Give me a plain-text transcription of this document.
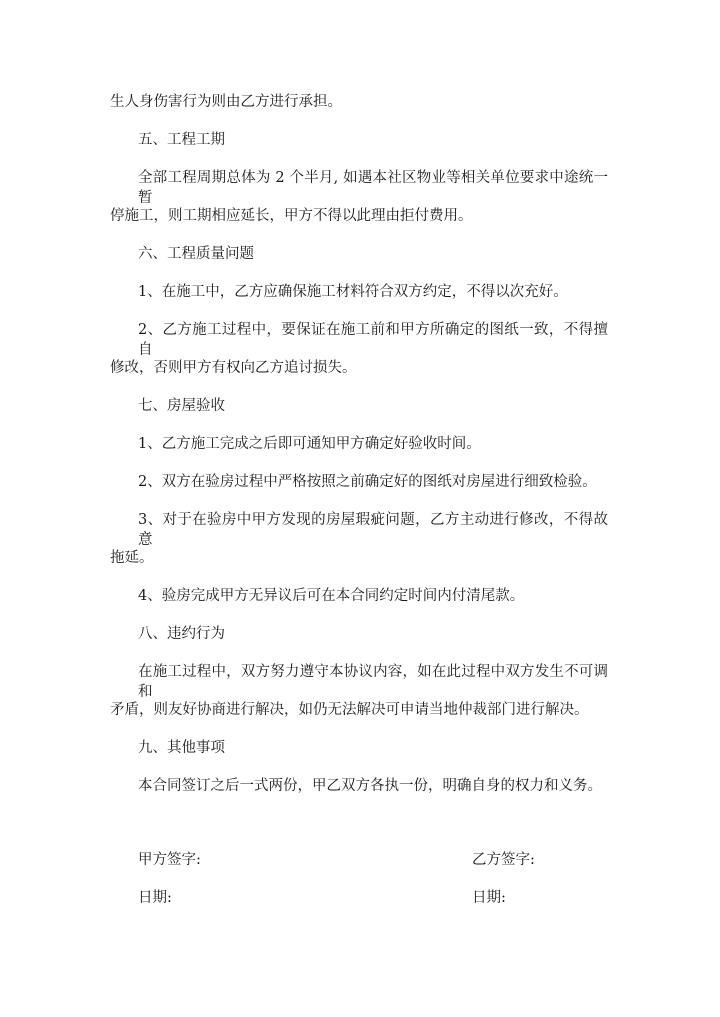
生人身伤害行为则由乙方进行承担。
五、工程工期
全部工程周期总体为 2 个半月, 如遇本社区物业等相关单位要求中途统一暂
停施工，则工期相应延长，甲方不得以此理由拒付费用。
六、工程质量问题
1、在施工中，乙方应确保施工材料符合双方约定，不得以次充好。
2、乙方施工过程中，要保证在施工前和甲方所确定的图纸一致，不得擅自
修改，否则甲方有权向乙方追讨损失。
七、房屋验收
1、乙方施工完成之后即可通知甲方确定好验收时间。
2、双方在验房过程中严格按照之前确定好的图纸对房屋进行细致检验。
3、对于在验房中甲方发现的房屋瑕疵问题，乙方主动进行修改，不得故意
拖延。
4、验房完成甲方无异议后可在本合同约定时间内付清尾款。
八、违约行为
在施工过程中，双方努力遵守本协议内容，如在此过程中双方发生不可调和
矛盾，则友好协商进行解决，如仍无法解决可申请当地仲裁部门进行解决。
九、其他事项
本合同签订之后一式两份，甲乙双方各执一份，明确自身的权力和义务。
甲方签字:	乙方签字:
日期:	日期:
